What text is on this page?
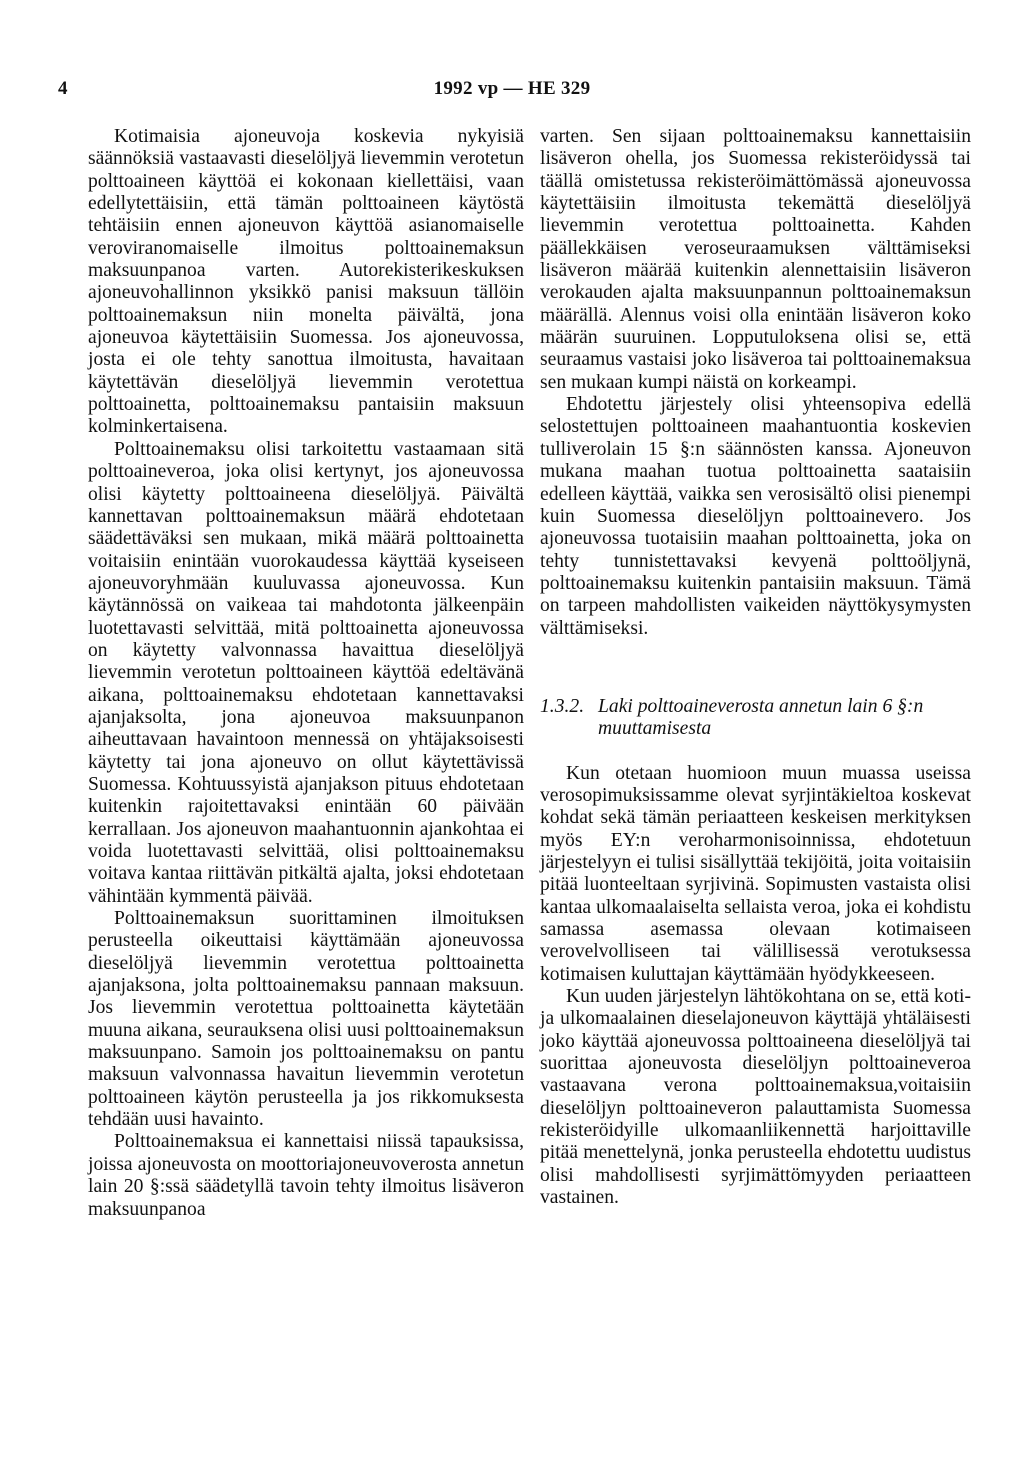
4	1992 vp — HE 329

Kotimaisia ajoneuvoja koskevia nykyisiä säännöksiä vastaavasti dieselöljyä lievemmin verotetun polttoaineen käyttöä ei kokonaan kiellettäisi, vaan edellytettäisiin, että tämän polttoaineen käytöstä tehtäisiin ennen ajoneuvon käyttöä asianomaiselle veroviranomaiselle ilmoitus polttoainemaksun maksuunpanoa varten. Autorekisterikeskuksen ajoneuvohallinnon yksikkö panisi maksuun tällöin polttoainemaksun niin monelta päivältä, jona ajoneuvoa käytettäisiin Suomessa. Jos ajoneuvossa, josta ei ole tehty sanottua ilmoitusta, havaitaan käytettävän dieselöljyä lievemmin verotettua polttoainetta, polttoainemaksu pantaisiin maksuun kolminkertaisena.

Polttoainemaksu olisi tarkoitettu vastaamaan sitä polttoaineveroa, joka olisi kertynyt, jos ajoneuvossa olisi käytetty polttoaineena dieselöljyä. Päivältä kannettavan polttoainemaksun määrä ehdotetaan säädettäväksi sen mukaan, mikä määrä polttoainetta voitaisiin enintään vuorokaudessa käyttää kyseiseen ajoneuvoryhmään kuuluvassa ajoneuvossa. Kun käytännössä on vaikeaa tai mahdotonta jälkeenpäin luotettavasti selvittää, mitä polttoainetta ajoneuvossa on käytetty valvonnassa havaittua dieselöljyä lievemmin verotetun polttoaineen käyttöä edeltävänä aikana, polttoainemaksu ehdotetaan kannettavaksi ajanjaksolta, jona ajoneuvoa maksuunpanon aiheuttavaan havaintoon mennessä on yhtäjaksoisesti käytetty tai jona ajoneuvo on ollut käytettävissä Suomessa. Kohtuussyistä ajanjakson pituus ehdotetaan kuitenkin rajoitettavaksi enintään 60 päivään kerrallaan. Jos ajoneuvon maahantuonnin ajankohtaa ei voida luotettavasti selvittää, olisi polttoainemaksu voitava kantaa riittävän pitkältä ajalta, joksi ehdotetaan vähintään kymmentä päivää.

Polttoainemaksun suorittaminen ilmoituksen perusteella oikeuttaisi käyttämään ajoneuvossa dieselöljyä lievemmin verotettua polttoainetta ajanjaksona, jolta polttoainemaksu pannaan maksuun. Jos lievemmin verotettua polttoainetta käytetään muuna aikana, seurauksena olisi uusi polttoainemaksun maksuunpano. Samoin jos polttoainemaksu on pantu maksuun valvonnassa havaitun lievemmin verotetun polttoaineen käytön perusteella ja jos rikkomuksesta tehdään uusi havainto.

Polttoainemaksua ei kannettaisi niissä tapauksissa, joissa ajoneuvosta on moottoriajoneuvoverosta annetun lain 20 §:ssä säädetyllä tavoin tehty ilmoitus lisäveron maksuunpanoa

varten. Sen sijaan polttoainemaksu kannettaisiin lisäveron ohella, jos Suomessa rekisteröidyssä tai täällä omistetussa rekisteröimättömässä ajoneuvossa käytettäisiin ilmoitusta tekemättä dieselöljyä lievemmin verotettua polttoainetta. Kahden päällekkäisen veroseuraamuksen välttämiseksi lisäveron määrää kuitenkin alennettaisiin lisäveron verokauden ajalta maksuunpannun polttoainemaksun määrällä. Alennus voisi olla enintään lisäveron koko määrän suuruinen. Lopputuloksena olisi se, että seuraamus vastaisi joko lisäveroa tai polttoainemaksua sen mukaan kumpi näistä on korkeampi.

Ehdotettu järjestely olisi yhteensopiva edellä selostettujen polttoaineen maahantuontia koskevien tulliverolain 15 §:n säännösten kanssa. Ajoneuvon mukana maahan tuotua polttoainetta saataisiin edelleen käyttää, vaikka sen verosisältö olisi pienempi kuin Suomessa dieselöljyn polttoainevero. Jos ajoneuvossa tuotaisiin maahan polttoainetta, joka on tehty tunnistettavaksi kevyenä polttoöljynä, polttoainemaksu kuitenkin pantaisiin maksuun. Tämä on tarpeen mahdollisten vaikeiden näyttökysymysten välttämiseksi.

1.3.2. Laki polttoaineverosta annetun lain 6 §:n muuttamisesta

Kun otetaan huomioon muun muassa useissa verosopimuksissamme olevat syrjintäkieltoa koskevat kohdat sekä tämän periaatteen keskeisen merkityksen myös EY:n veroharmonisoinnissa, ehdotetuun järjestelyyn ei tulisi sisällyttää tekijöitä, joita voitaisiin pitää luonteeltaan syrjivinä. Sopimusten vastaista olisi kantaa ulkomaalaiselta sellaista veroa, joka ei kohdistu samassa asemassa olevaan kotimaiseen verovelvolliseen tai välillisessä verotuksessa kotimaisen kuluttajan käyttämään hyödykkeeseen.

Kun uuden järjestelyn lähtökohtana on se, että koti- ja ulkomaalainen dieselajoneuvon käyttäjä yhtäläisesti joko käyttää ajoneuvossa polttoaineena dieselöljyä tai suorittaa ajoneuvosta dieselöljyn polttoaineveroa vastaavana verona polttoainemaksua,voitaisiin dieselöljyn polttoaineveron palauttamista Suomessa rekisteröidyille ulkomaanliikennettä harjoittaville pitää menettelynä, jonka perusteella ehdotettu uudistus olisi mahdollisesti syrjimättömyyden periaatteen vastainen.
